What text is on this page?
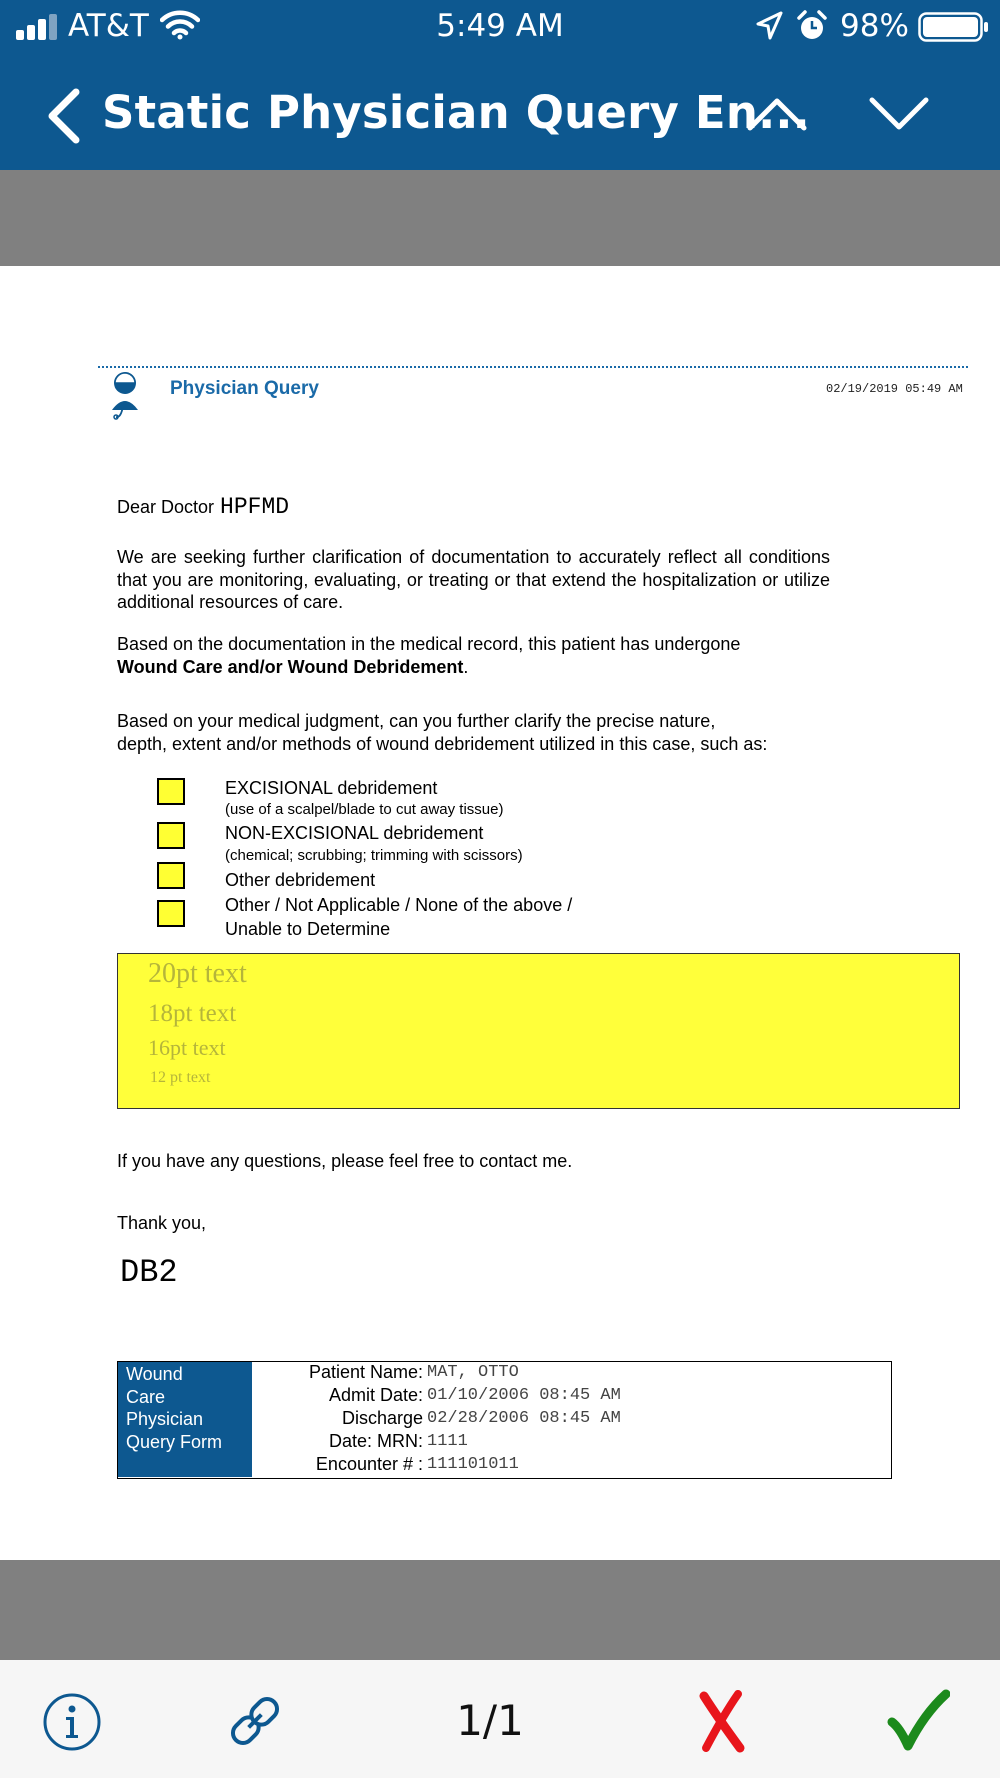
AT&T	5:49 AM	98%
Static Physician Query En...
Physician Query	02/19/2019 05:49 AM
Dear Doctor HPFMD
We are seeking further clarification of documentation to accurately reflect all conditions that you are monitoring, evaluating, or treating or that extend the hospitalization or utilize additional resources of care.
Based on the documentation in the medical record, this patient has undergone
Wound Care and/or Wound Debridement.
Based on your medical judgment, can you further clarify the precise nature,
depth, extent and/or methods of wound debridement utilized in this case, such as:
EXCISIONAL debridement
(use of a scalpel/blade to cut away tissue)
NON-EXCISIONAL debridement
(chemical; scrubbing; trimming with scissors)
Other debridement
Other / Not Applicable / None of the above /
Unable to Determine
20pt text
18pt text
16pt text
12 pt text
If you have any questions, please feel free to contact me.
Thank you,
DB2
Wound
Care
Physician
Query Form
Patient Name: MAT, OTTO
Admit Date: 01/10/2006 08:45 AM
Discharge 02/28/2006 08:45 AM
Date: MRN: 1111
Encounter # : 111101011
1/1
